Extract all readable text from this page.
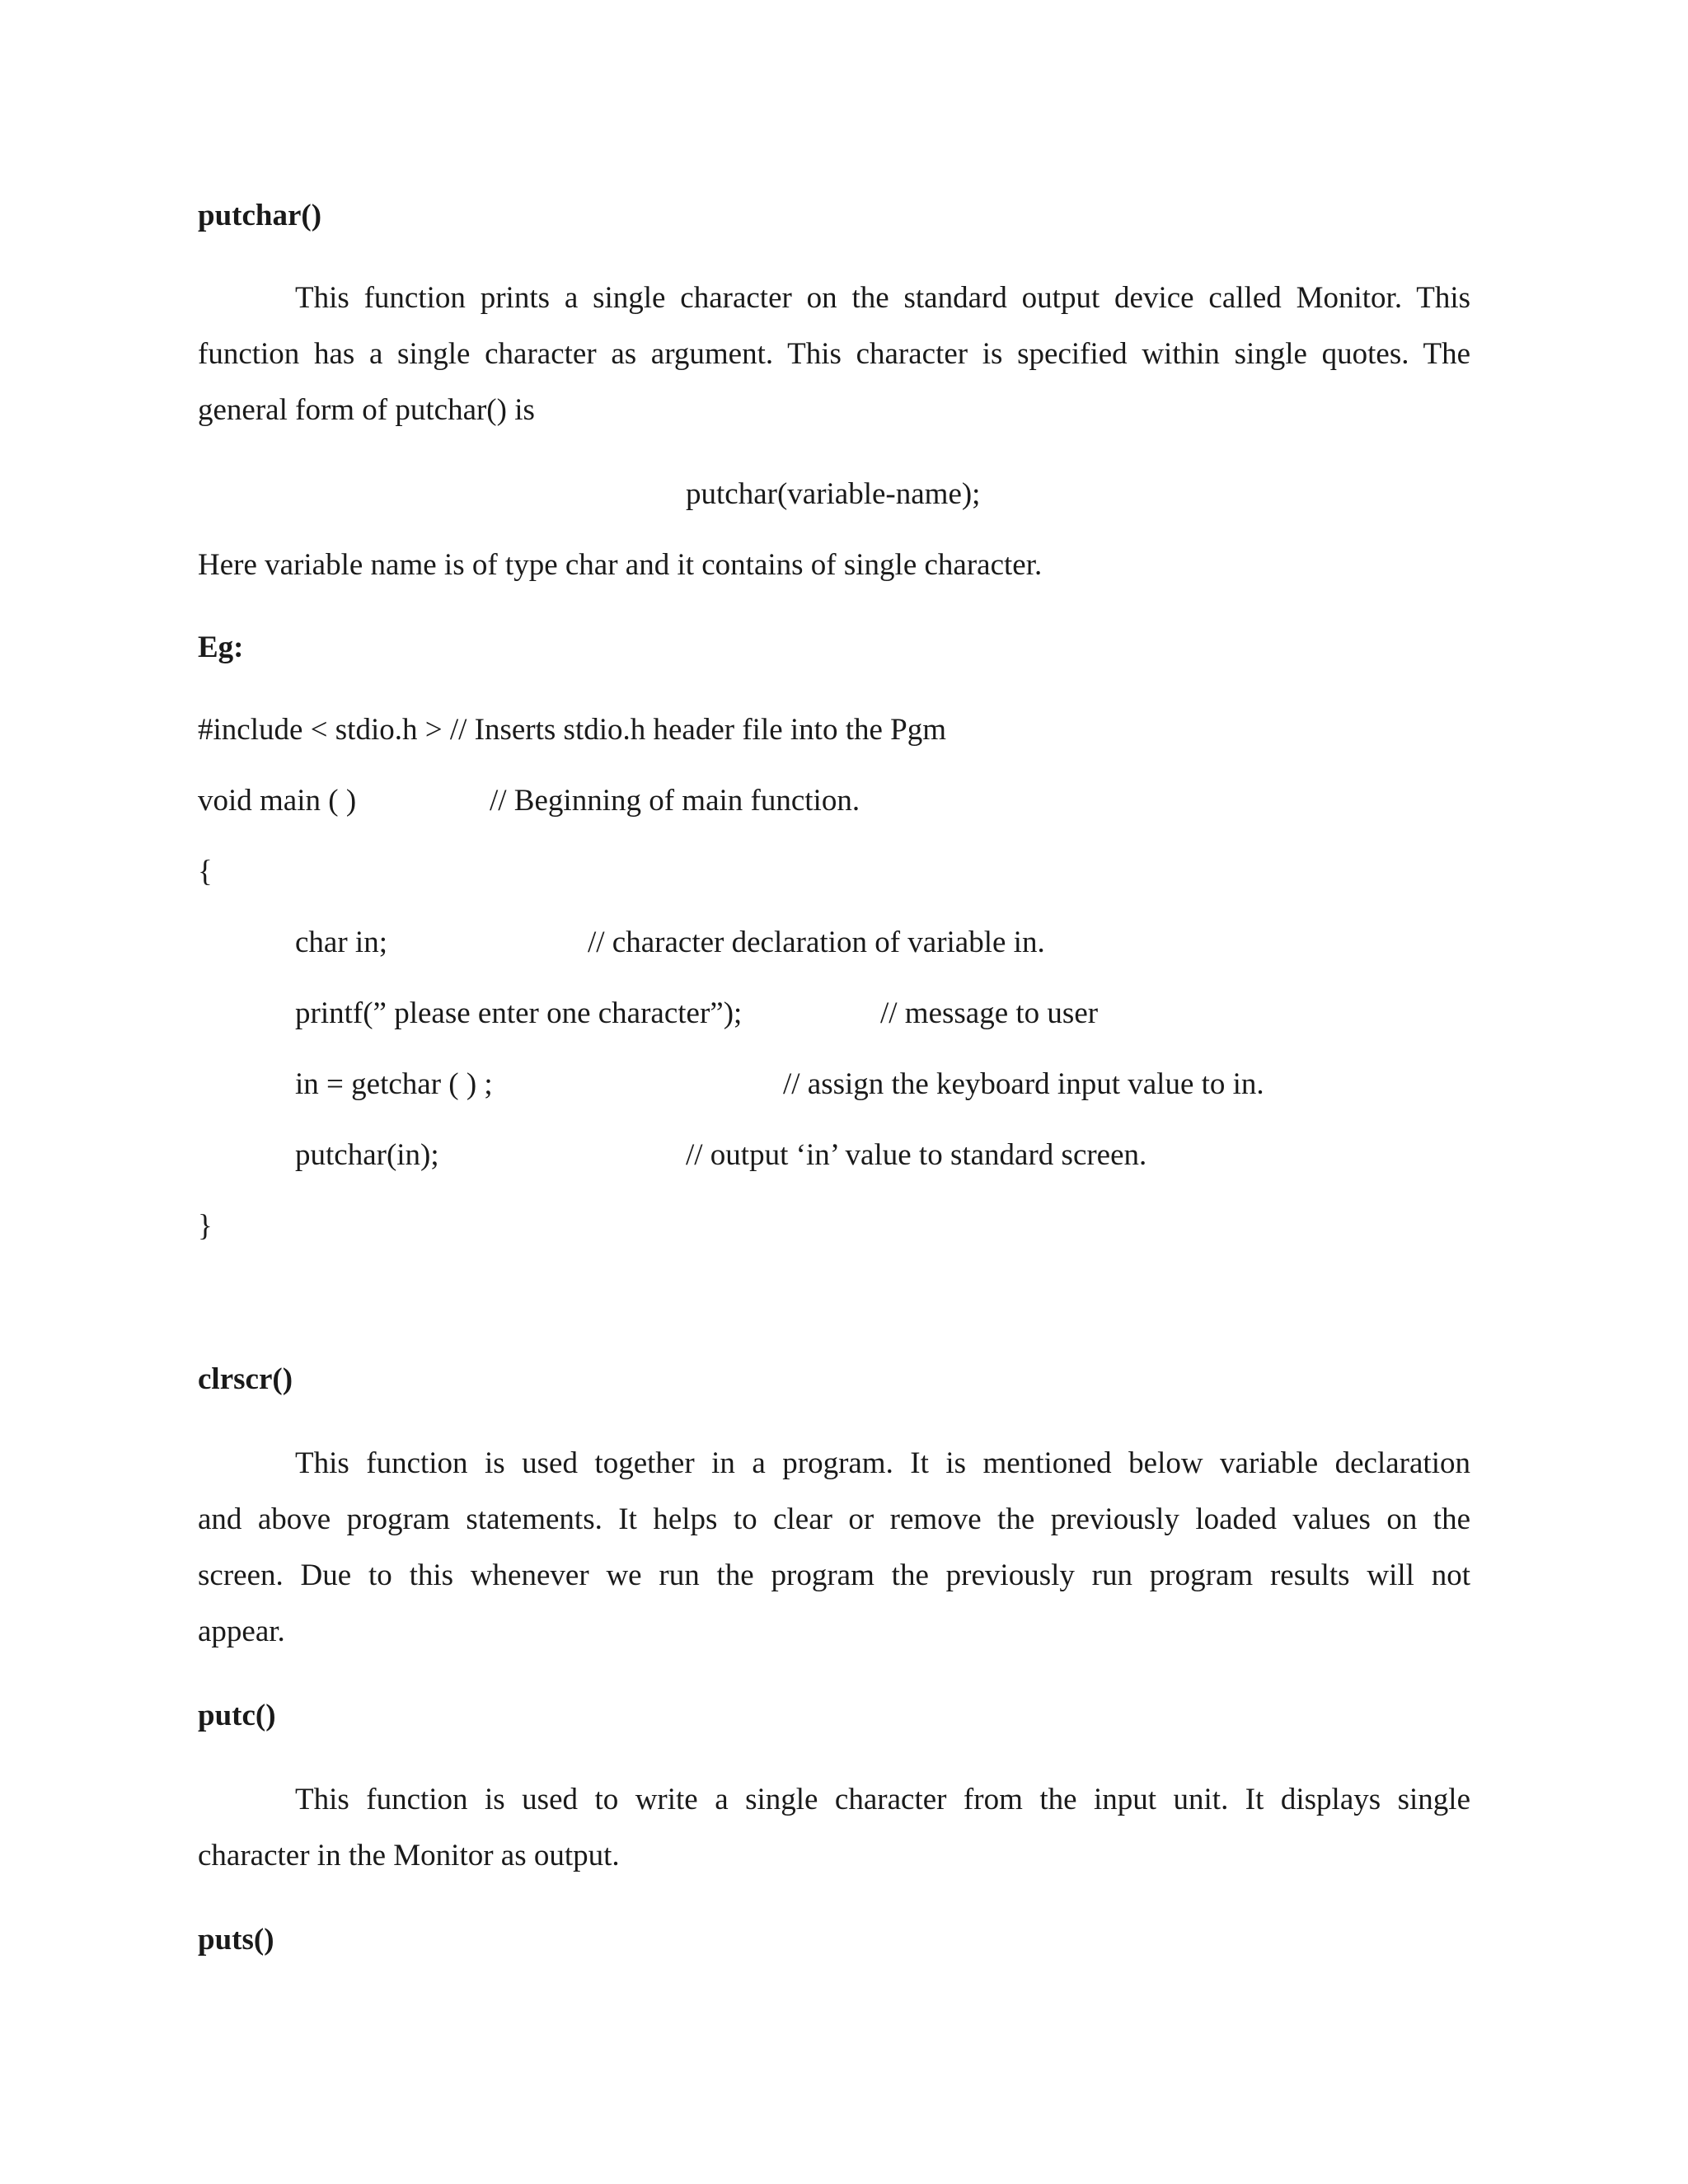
putchar()
This function prints a single character on the standard output device called Monitor. This
function has a single character as argument. This character is specified within single quotes. The
general form of putchar() is
putchar(variable-name);
Here variable name is of type char and it contains of single character.
Eg:
#include < stdio.h > // Inserts stdio.h header file into the Pgm
void main ( )	// Beginning of main function.
{
char in;	// character declaration of variable in.
printf(” please enter one character”);	// message to user
in = getchar ( ) ;	// assign the keyboard input value to in.
putchar(in);	// output ‘in’ value to standard screen.
}
clrscr()
This function is used together in a program. It is mentioned below variable declaration
and above program statements. It helps to clear or remove the previously loaded values on the
screen. Due to this whenever we run the program the previously run program results will not
appear.
putc()
This function is used to write a single character from the input unit. It displays single
character in the Monitor as output.
puts()
